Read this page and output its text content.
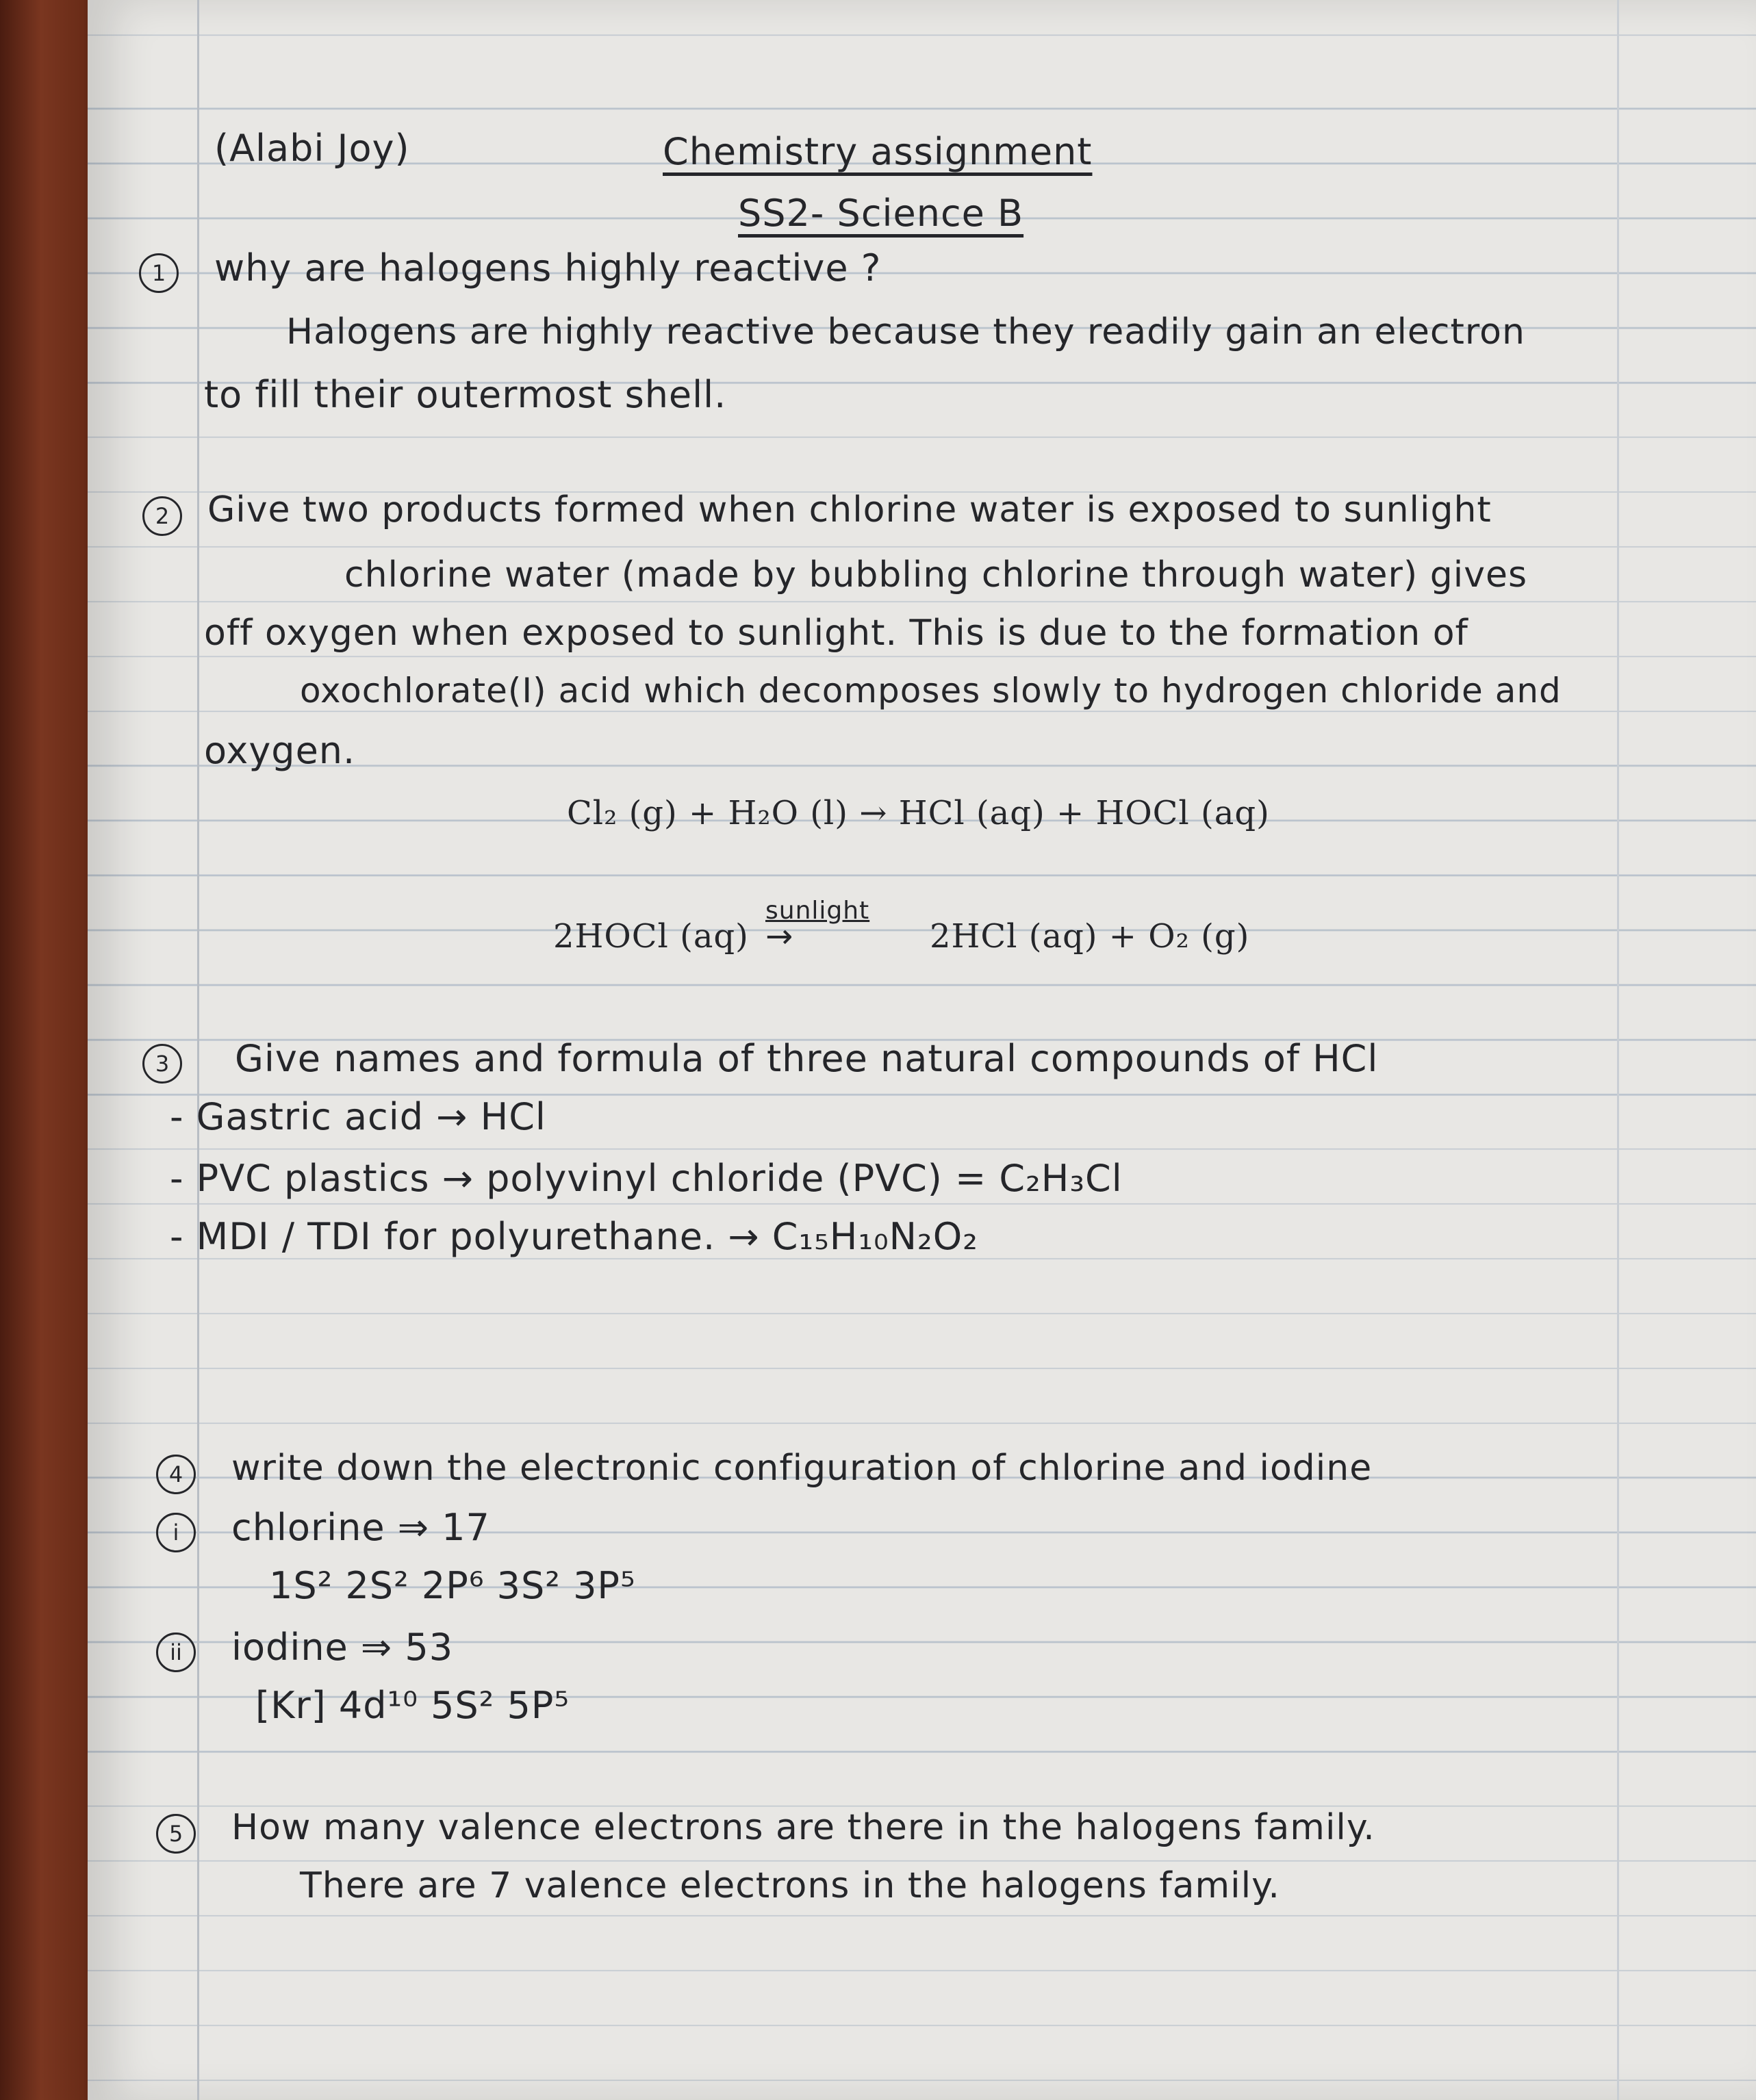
(Alabi Joy)	Chemistry assignment
SS2- Science B
1	why are halogens highly reactive ?
Halogens are highly reactive because they readily gain an electron
to fill their outermost shell.
2	Give two products formed when chlorine water is exposed to sunlight
chlorine water (made by bubbling chlorine through water) gives
off oxygen when exposed to sunlight. This is due to the formation of
oxochlorate(I) acid which decomposes slowly to hydrogen chloride and
oxygen.
Cl₂ (g) + H₂O (l) → HCl (aq) + HOCl (aq)
2HOCl (aq)
sunlight
→	2HCl (aq) + O₂ (g)
3	Give names and formula of three natural compounds of HCl
- Gastric acid → HCl
- PVC plastics → polyvinyl chloride (PVC) = C₂H₃Cl
- MDI / TDI for polyurethane. → C₁₅H₁₀N₂O₂
4	write down the electronic configuration of chlorine and iodine
i	chlorine ⇒ 17
1S² 2S² 2P⁶ 3S² 3P⁵
ii	iodine ⇒ 53
[Kr] 4d¹⁰ 5S² 5P⁵
5	How many valence electrons are there in the halogens family.
There are 7 valence electrons in the halogens family.
